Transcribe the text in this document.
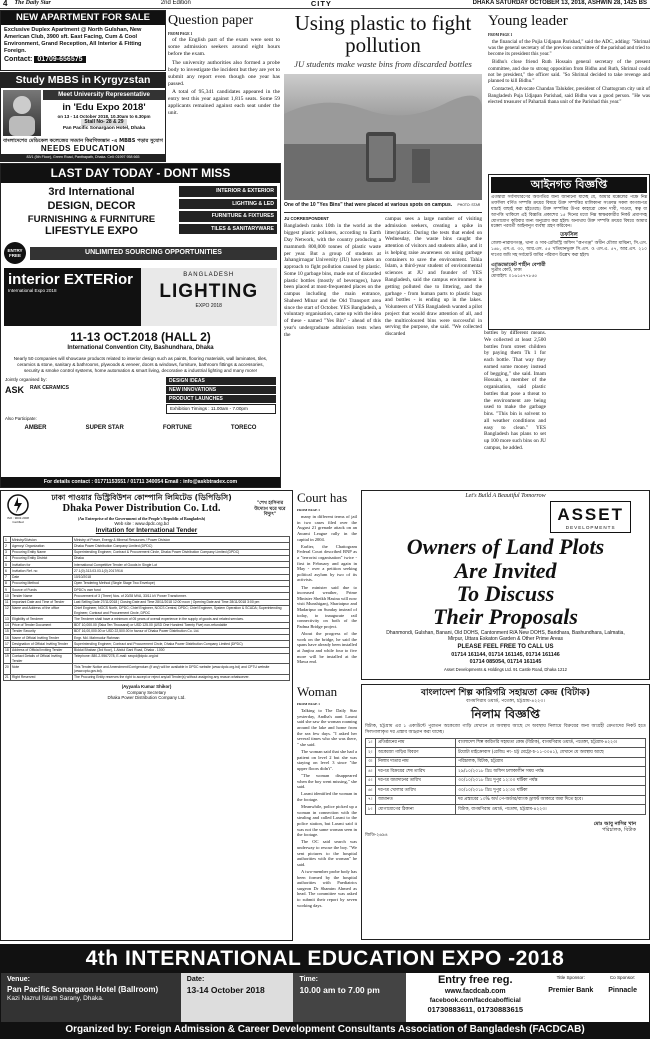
4	The Daily Star	2nd Edition	CITY	DHAKA SATURDAY OCTOBER 13, 2018, ASHWIN 28, 1425 BS
NEW APARTMENT FOR SALE
Exclusive Duplex Apartment @ North Gulshan, New American Club, 3900 sft. East Facing, Cum & Cool Environment, Grand Reception, All Interior & Fitting Foreign.
Contact: 01709-656575
Study MBBS in Kyrgyzstan
Meet University Representative
in 'Edu Expo 2018'
on 13 - 14 October 2018, 10.30am to 6.30pm
Stall No- 28 & 29
Pan Pacific Sonargaon Hotel, Dhaka
বাংলাদেশের মেডিকেল কলেজের সমমান কিরগিজস্তান -এ MBBS পড়ার সুযোগ
NEEDS EDUCATION
83/1 (5th Floor), Green Road, Panthapath, Dhaka. Cell: 01997 958 665
LAST DAY TODAY - DONT MISS
3rd International
DESIGN, DECOR
FURNISHING & FURNITURE
LIFESTYLE EXPO
INTERIOR & EXTERIOR
LIGHTING & LED
FURNITURE & FIXTURES
TILES & SANITARYWARE
ENTRY FREE	UNLIMITED SOURCING OPPORTUNITIES
interior EXTERior
International Expo 2018
BANGLADESH
LIGHTING
EXPO 2018
11-13 OCT.2018 (HALL 2)
International Convention City, Bashundhara, Dhaka
Nearly 50 companies will showcase products related to interior design such as paints, flooring materials, wall laminates, tiles, ceramics & stone, sanitary & bathrooms, plywoods & veneer, doors & windows, furniture, bathroom fittings & accessories, security & smoke control systems, home automation & smart living, decorative & industrial lighting and many more!
Jointly organised by:
ASK RAK CERAMICS
DESIGN IDEAS
NEW INNOVATIONS
PRODUCT LAUNCHES
Exhibition Timings : 11.00am - 7.00pm
Also Participate:
AMBER	SUPER STAR	FORTUNE	TORECO
For details contact : 01771153551 / 01711 340054 Email : info@askbtradex.com
Question paper

FROM PAGE 1

of the English part of the exam were sent to some admission seekers around eight hours before the exam.

The university authorities also formed a probe body to investigate the incident but they are yet to submit any report even though one year has passed.

A total of 95,341 candidates appeared in the entry test this year against 1,815 seats. Some 59 applicants remained against each seat under the unit.

Using plastic to fight pollution
JU students make waste bins from discarded bottles
One of the 10 "Yes Bins" that were placed at various spots on campus. PHOTO: STAR
JU CORRESPONDENT
Bangladesh ranks 10th in the world as the biggest plastic polluters, according to Earth Day Network, with the country producing a mammoth 800,000 tonnes of plastic waste per year. But a group of students at Jahangirnagar University (JU) have taken an approach to fight pollution caused by plastic. Some 10 garbage bins, made out of discarded plastic bottles (mostly of beverages), have been placed at most-frequented places on the campus including the main entrance, Shaheed Minar and the Old Transport area since the start of October. YES Bangladesh, a voluntary organisation, came up with the idea of these - named "Yes Bin" - ahead of this year's undergraduate admission tests when the
campus sees a large number of visiting admission seekers, creating a spike in litter/plastic. During the tests that ended on Wednesday, the waste bins caught the attention of visitors and students alike, and it is helping raise awareness on using garbage containers to save the environment. Tahia Islam, a third-year student of environmental sciences at JU and founder of YES Bangladesh, said the campus environment is getting polluted due to littering, and the garbage - from human parts to plastic bags and bottles - is ending up in the lakes. Volunteers of YES Bangladesh wanted a pilot project that would draw attention of all, and the multicoloured bins were successful in serving the purpose, she said. "We collected discarded	bottles by different means. We collected at least 2,500 bottles from street children by paying them Tk 1 for each bottle. That way they earned some money instead of begging," she said. Imam Hossain, a member of the organisation, said plastic bottles that pose a threat to the environment are being used to make the garbage bins. "This bin is solvent to all weather conditions and easy to clean." YES Bangladesh has plans to set up 100 more such bins on JU campus, he added.
Young leader

FROM PAGE 1

the financial of the Pujia Udjapan Parishad," said the ADC, adding: "Shrimal was the general secretary of the previous committee of the parishad and tried to become its president this year."

Bidhu's close friend Ruth Hossain general secretary of the present committee, and due to strong opposition from Bidhu and Ruth, Shrimal could not be president," the officer said. "So Shrimal decided to take revenge and planned to kill Bidhu."

Contacted, Advocate Chandan Talukder, president of Chattogram city unit of Bangladesh Puja Udjapan Parishad, said Bidhu was a good person. "He was elected treasurer of Pahartali thana unit of the Parishad this year."

আইনগত বিজ্ঞপ্তি
এতদ্বারা সর্বসাধারণের অবগতির জন্য জানানো যাচ্ছে যে, আমার মক্কেলের পক্ষে নিম্ন তফসিল বর্ণিত সম্পত্তি ক্রয়ের বিষয়ে উক্ত সম্পত্তির মালিকানা সংক্রান্ত সকল কাগজপত্র যাচাই বাছাই করা হইতেছে। উক্ত সম্পত্তির উপর কাহারো কোন দাবী, দাওয়া, স্বত্ব বা আপত্তি থাকিলে এই বিজ্ঞপ্তি প্রকাশের ১৫ দিনের মধ্যে নিম্ন স্বাক্ষরকারীর নিকট প্রমাণসহ যোগাযোগ করিবার জন্য অনুরোধ করা হইল। অন্যথায় উক্ত সম্পত্তি ক্রয়ের বিষয়ে আমার মক্কেল পরবর্তী আইনানুগ ব্যবস্থা গ্রহণ করিবেন।
তফসিল
জেলা-নারায়ণগঞ্জ, থানা ও সাব-রেজিস্ট্রি অফিস "রূপগঞ্জ" অধীন মৌজা মাঝিনা, সি.এস. ১৬৮, এস.এ. ৩০, আর.এস. ৫৫ খতিয়ানভুক্ত সি.এস. ও এস.এ. ৫৭, আর.এস. ২১০ দাগের জমি সহ সর্বমোট জমির পরিমাণ উল্লেখ করা হইল।
এ্যাডভোকেট শাহীন বেপারী
সুপ্রীম কোর্ট, ঢাকা
মোবাইল: ০১৬১৫৭৭৮৫৫
ISO : 9001:2008 Certified
ঢাকা পাওয়ার ডিস্ট্রিবিউশন কোম্পানি লিমিটেড (ডিপিডিসি)
Dhaka Power Distribution Co. Ltd.
(An Enterprise of the Government of the People's Republic of Bangladesh)
Web site : www.dpdc.org.bd
"শেখ হাসিনার উদ্যোগ ঘরে ঘরে বিদ্যুৎ"
Invitation for International Tender
1	Ministry/Division	Ministry of Power, Energy & Mineral Resources / Power Division
2	Agency/ Organization	Dhaka Power Distribution Company Limited (DPDC)
3	Procuring Entity Name	Superintending Engineer, Contract & Procurement Circle, Dhaka Power Distribution Company Limited (DPDC)
4	Procuring Entity District	Dhaka
5	Invitation for	International Competitive Tender of Goods in Single Lot
6	Invitation Ref. no	27.1(0).313.03.03.1(0) 2017/916
7	Date	10/10/2018
8	Procuring Method	Open Tendering Method (Single Stage Two Envelope)
9	Source of Funds	DPDC's own fund
10	Tender Name	Procurement of 3 (Three) Nos. of 20/28 MVA, 33/11 kV Power Transformer.
11	Important Date and Time of Tender	Last Selling Date 27/11/2018 | Closing Date and Time 28/11/2018 12:00 noon | Opening Date and Time 28/11/2018 3:00 pm
12	Name and Address of the office	Chief Engineer, NOCS North, DPDC; Chief Engineer, NOCS Central, DPDC; Chief Engineer, System Operation & SCADA; Superintending Engineer, Contract and Procurement Circle, DPDC
13	Eligibility of Tenderer	The Tenderer shall have a minimum of 05 years of overall experience in the supply of goods and related services.
14	Price of Tender Document	BDT 10,000.00 (Taka Ten Thousand) or USD 125.00 (USD One Hundred Twenty Five) non-refundable
15	Tender Security	BDT 16,00,000.00 or USD 22,500.00 in favour of Dhaka Power Distribution Co. Ltd.
16	Name of Official Inviting Tender	Engr. Md. Mahmudur Rahman
17	Designation of Official Inviting Tender	Superintending Engineer, Contract and Procurement Circle, Dhaka Power Distribution Company Limited (DPDC)
18	Address of Official Inviting Tender	Biddut Bhaban (3rd floor), 1 Abdul Gani Road, Dhaka - 1000
19	Contact Details of Official Inviting Tender	Telephone: 880-2-9567278, E-mail: secpd@dpdc.org.bd
20	Note	This Tender Notice and Amendment/Corrigendum (if any) will be available in DPDC website (www.dpdc.org.bd) and CPTU website (www.cptu.gov.bd).
21	Right Reserved	The Procuring Entity reserves the right to accept or reject any/all Tender(s) without assigning any reason whatsoever.
(Ayyanla Kumar Shikor)
Company Secretary
Dhaka Power Distribution Company Ltd.
Court has

FROM PAGE 1

many in different terms of jail in two cases filed over the August 21 grenade attack on an Awami League rally in the capital in 2004.

Earlier, the Chattogram Federal Court described BNP as a "terrorist organisation" twice - first in February and again in May - over a petition seeking political asylum by two of its activists.

The minister said due to increased weather, Prime Minister Sheikh Hasina will now visit Munshiganj, Shariatpur and Madaripur on Sunday instead of today, to inaugurate rail connectivity on both of the Padma Bridge project.

About the progress of the work on the bridge, he said the spans have already been installed at Janjira and while four to five more will be installed at the Mawa end.

Woman

FROM PAGE 1

Talking to The Daily Star yesterday, Andha's aunt Laxmi said she saw the woman roaming around the lake and home from the sea few days. "I asked her several times who she was there, " she said.

The woman said that she had a patient on level 2 but she was staying on level 3 since "the upper floors didn't".

"The woman disappeared when the boy went missing," she said.

Laxmi identified the woman in the footage.

Meanwhile, police picked up a woman in connection with the stealing and called Laxmi to the police station, but Laxmi said it was not the same woman seen in the footage.

The OC said search was underway to rescue the boy. "We sent pictures to the hospital authorities with the woman" he said.

A two-member probe body has been formed by the hospital authorities with Paediatrics surgeon Dr Shamim Ahmed as head. The committee was asked to submit their report by seven working days.

Let's Build A Beautiful Tomorrow
ASSET
DEVELOPMENTS
Owners of Land Plots
Are Invited
To Discuss
Their Proposals
Dhanmondi, Gulshan, Banani, Old DOHS, Cantonment R/A New DOHS, Baridhara, Bashundhara, Lalmatia, Mirpur, Uttara Eskaton Garden & Other Prime Areas
PLEASE FEEL FREE TO CALL US
01714 161144, 01714 161145, 01714 161146
01714 085054, 01714 161145
Asset Developments & Holdings Ltd. 91 Castle Road, Dhaka 1212
বাংলাদেশ শিল্প কারিগরি সহায়তা কেন্দ্র (বিটাক)
বাগমণিরাম ওয়ার্ড, পতেঙ্গা, চট্টগ্রাম-৪২২৩।
নিলাম বিজ্ঞপ্তি
বিটাক, চট্টগ্রাম এর ১ একাউন্টে পুরাতন অকেজো গাড়ি যেখানে যে অবস্থায় আছে সে অবস্থায় নিলামে বিক্রয়ের জন্য আগ্রহী ক্রেতাদের নিকট হতে সিলগালাকৃত দর প্রস্তাব আহ্বান করা যাচ্ছে।
১।	প্রতিষ্ঠানের নাম	বাংলাদেশ শিল্প কারিগরি সহায়তা কেন্দ্র (বিটাক), বাগমণিরাম ওয়ার্ড, পতেঙ্গা, চট্টগ্রাম-৪২২৩।
২।	অকেজো গাড়ির বিবরণ	টয়োটা মাইক্রোবাস (রেজিঃ নং- চট্ট মেট্রো-চ-১১-০০৪১), যেখানে যে অবস্থায় আছে
৩।	নিলাম দাতার নাম	পরিচালক, বিটাক, চট্টগ্রাম
৪।	দরপত্র বিক্রয়ের শেষ তারিখ	২৯/১০/২০১৮ খ্রিঃ অফিস চলাকালীন সময় পর্যন্ত
৫।	দরপত্র জমাদানের তারিখ	৩০/১০/২০১৮ খ্রিঃ দুপুর ১২:০০ ঘটিকা পর্যন্ত
৬।	দরপত্র খোলার তারিখ	৩০/১০/২০১৮ খ্রিঃ দুপুর ১২:৩০ ঘটিকা
৭।	জামানত	দর প্রস্তাবের ১০% অর্থ পে-অর্ডার/ব্যাংক ড্রাফট আকারে জমা দিতে হবে।
৮।	যোগাযোগের ঠিকানা	বিটাক, বাগমণিরাম ওয়ার্ড, পতেঙ্গা, চট্টগ্রাম-৪২২৩।
মোঃ আবু নাসির খান
পরিচালক, বিটাক
জিডি-২৬৯৪
4th INTERNATIONAL EDUCATION EXPO -2018
Venue:
Pan Pacific Sonargaon Hotel (Ballroom)
Kazi Nazrul Islam Sarany, Dhaka.
Date:
13-14 October 2018
Time:
10.00 am to 7.00 pm
Entry free reg.
www.facdcab.com
facebook.com/facdcabofficial
01730883611, 01730883615
Title Sponsor:
Premier Bank
Co Sponsor:
Pinnacle
Organized by: Foreign Admission & Career Development Consultants Association of Bangladesh (FACDCAB)
